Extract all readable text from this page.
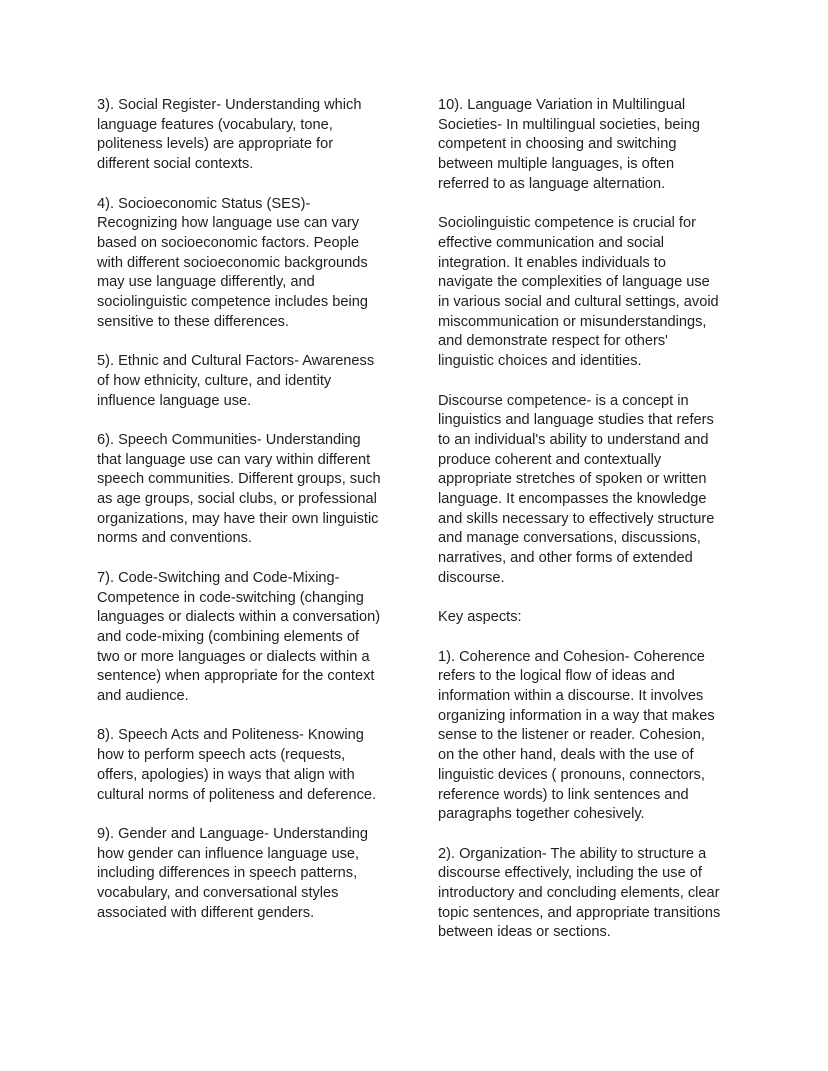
3). Social Register- Understanding which
language features (vocabulary, tone,
politeness levels) are appropriate for
different social contexts.

4). Socioeconomic Status (SES)-
Recognizing how language use can vary
based on socioeconomic factors. People
with different socioeconomic backgrounds
may use language differently, and
sociolinguistic competence includes being
sensitive to these differences.

5). Ethnic and Cultural Factors- Awareness
of how ethnicity, culture, and identity
influence language use.

6). Speech Communities- Understanding
that language use can vary within different
speech communities. Different groups, such
as age groups, social clubs, or professional
organizations, may have their own linguistic
norms and conventions.

7). Code-Switching and Code-Mixing-
Competence in code-switching (changing
languages or dialects within a conversation)
and code-mixing (combining elements of
two or more languages or dialects within a
sentence) when appropriate for the context
and audience.

8). Speech Acts and Politeness- Knowing
how to perform speech acts (requests,
offers, apologies) in ways that align with
cultural norms of politeness and deference.

9). Gender and Language- Understanding
how gender can influence language use,
including differences in speech patterns,
vocabulary, and conversational styles
associated with different genders.

10). Language Variation in Multilingual
Societies- In multilingual societies, being
competent in choosing and switching
between multiple languages, is often
referred to as language alternation.

Sociolinguistic competence is crucial for
effective communication and social
integration. It enables individuals to
navigate the complexities of language use
in various social and cultural settings, avoid
miscommunication or misunderstandings,
and demonstrate respect for others'
linguistic choices and identities.

Discourse competence- is a concept in
linguistics and language studies that refers
to an individual's ability to understand and
produce coherent and contextually
appropriate stretches of spoken or written
language. It encompasses the knowledge
and skills necessary to effectively structure
and manage conversations, discussions,
narratives, and other forms of extended
discourse.

Key aspects:

1). Coherence and Cohesion- Coherence
refers to the logical flow of ideas and
information within a discourse. It involves
organizing information in a way that makes
sense to the listener or reader. Cohesion,
on the other hand, deals with the use of
linguistic devices ( pronouns, connectors,
reference words) to link sentences and
paragraphs together cohesively.

2). Organization- The ability to structure a
discourse effectively, including the use of
introductory and concluding elements, clear
topic sentences, and appropriate transitions
between ideas or sections.
